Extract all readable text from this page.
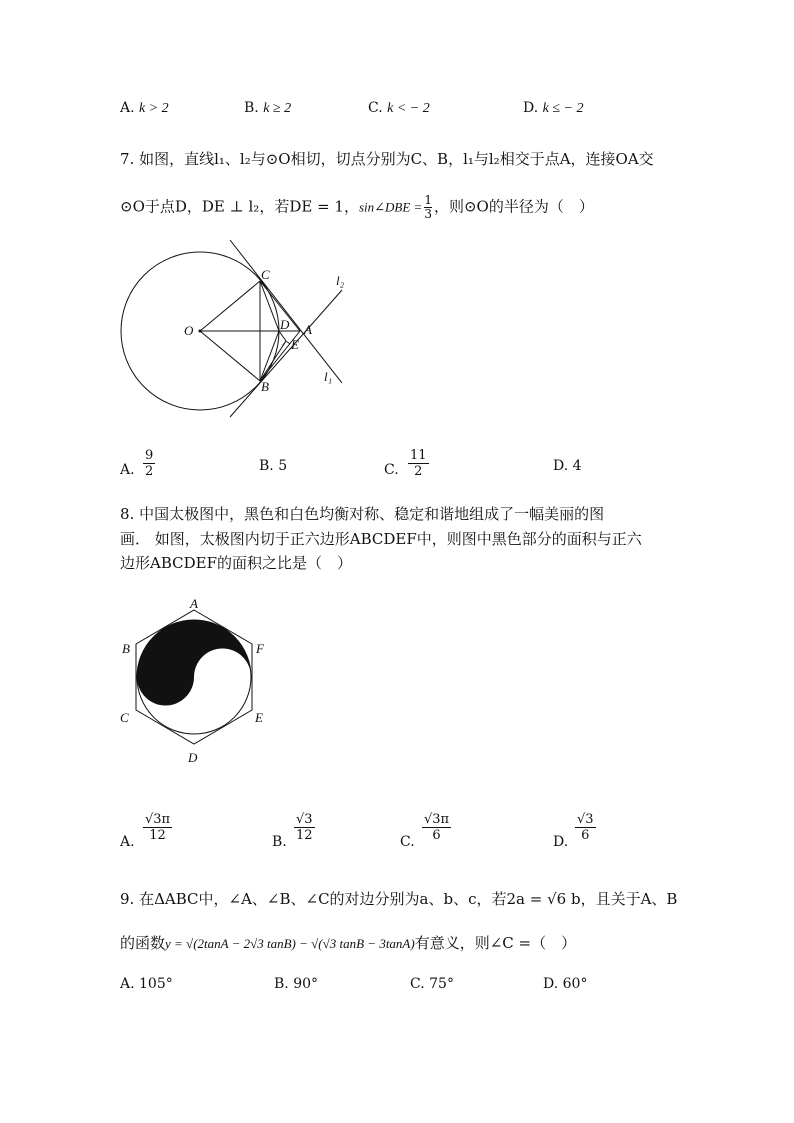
A. k > 2	B. k ≥ 2	C. k < − 2	D. k ≤ − 2
7. 如图，直线l₁、l₂与⊙O相切，切点分别为C、B，l₁与l₂相交于点A，连接OA交
⊙O于点D，DE ⊥ l₂，若DE = 1，sin∠DBE = $\frac{1}{3}$ ，则⊙O的半径为（　）
O
C
D A
E
B
l₂
l₁
A. $\frac{9}{2}$	B. 5	C. $\frac{11}{2}$	D. 4
8. 中国太极图中，黑色和白色均衡对称、稳定和谐地组成了一幅美丽的图
画． 如图，太极图内切于正六边形ABCDEF中，则图中黑色部分的面积与正六
边形ABCDEF的面积之比是（　）
A
B	F
C	E
D
A. $\frac{√3\pi}{12}$	B. $\frac{√3}{12}$	C. $\frac{√3\pi}{6}$	D. $\frac{√3}{6}$
9. 在ΔABC中，∠A、∠B、∠C的对边分别为a、b、c，若2a = √6 b，且关于A、B
的函数y = √(2tanA − 2√3 tanB) − √(√3 tanB − 3tanA)有意义，则∠C =（　）
A. 105°	B. 90°	C. 75°	D. 60°
